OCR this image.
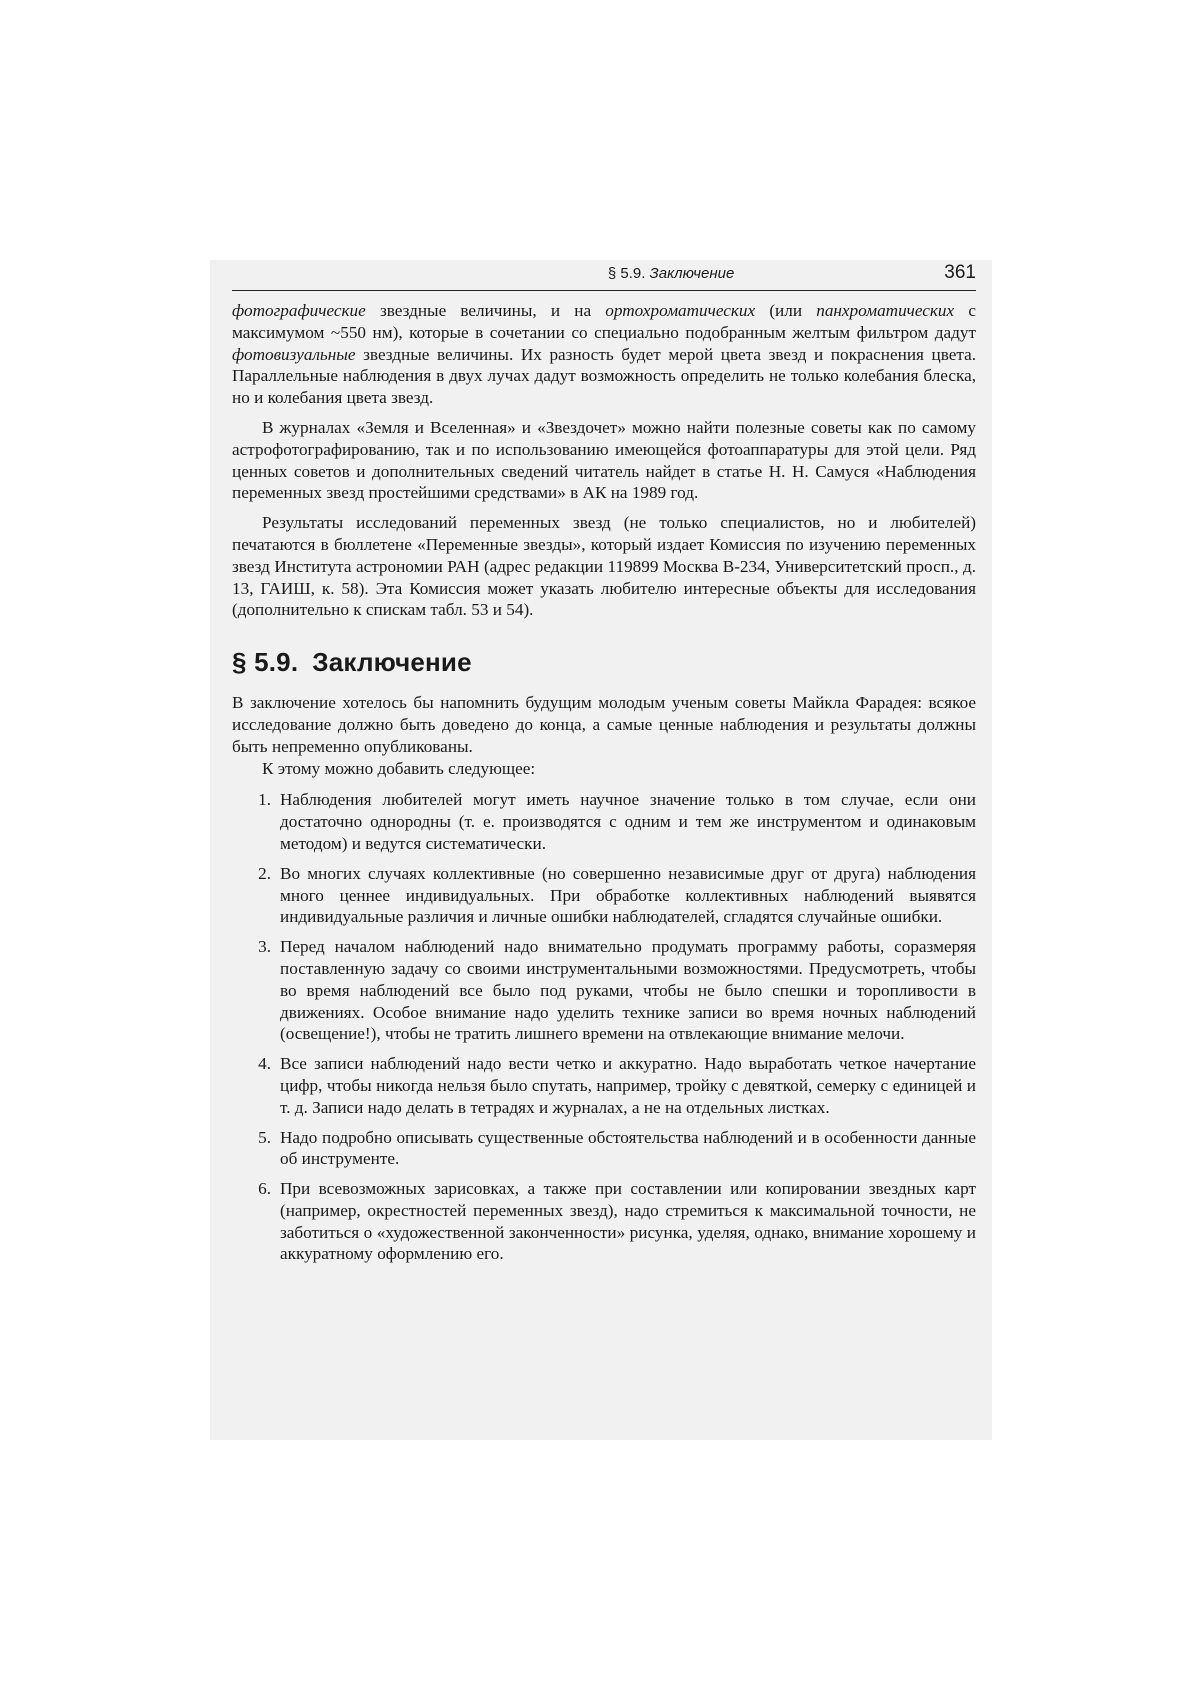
§ 5.9. Заключение	361

фотографические звездные величины, и на ортохроматических (или панхроматических с максимумом ~550 нм), которые в сочетании со специально подобранным желтым фильтром дадут фотовизуальные звездные величины. Их разность будет мерой цвета звезд и покраснения цвета. Параллельные наблюдения в двух лучах дадут возможность определить не только колебания блеска, но и колебания цвета звезд.

В журналах «Земля и Вселенная» и «Звездочет» можно найти полезные советы как по самому астрофотографированию, так и по использованию имеющейся фотоаппаратуры для этой цели. Ряд ценных советов и дополнительных сведений читатель найдет в статье Н. Н. Самуся «Наблюдения переменных звезд простейшими средствами» в АК на 1989 год.

Результаты исследований переменных звезд (не только специалистов, но и любителей) печатаются в бюллетене «Переменные звезды», который издает Комиссия по изучению переменных звезд Института астрономии РАН (адрес редакции 119899 Москва В-234, Университетский просп., д. 13, ГАИШ, к. 58). Эта Комиссия может указать любителю интересные объекты для исследования (дополнительно к спискам табл. 53 и 54).

§ 5.9. Заключение

В заключение хотелось бы напомнить будущим молодым ученым советы Майкла Фарадея: всякое исследование должно быть доведено до конца, а самые ценные наблюдения и результаты должны быть непременно опубликованы.

К этому можно добавить следующее:

1. Наблюдения любителей могут иметь научное значение только в том случае, если они достаточно однородны (т. е. производятся с одним и тем же инструментом и одинаковым методом) и ведутся систематически.

2. Во многих случаях коллективные (но совершенно независимые друг от друга) наблюдения много ценнее индивидуальных. При обработке коллективных наблюдений выявятся индивидуальные различия и личные ошибки наблюдателей, сгладятся случайные ошибки.

3. Перед началом наблюдений надо внимательно продумать программу работы, соразмеряя поставленную задачу со своими инструментальными возможностями. Предусмотреть, чтобы во время наблюдений все было под руками, чтобы не было спешки и торопливости в движениях. Особое внимание надо уделить технике записи во время ночных наблюдений (освещение!), чтобы не тратить лишнего времени на отвлекающие внимание мелочи.

4. Все записи наблюдений надо вести четко и аккуратно. Надо выработать четкое начертание цифр, чтобы никогда нельзя было спутать, например, тройку с девяткой, семерку с единицей и т. д. Записи надо делать в тетрадях и журналах, а не на отдельных листках.

5. Надо подробно описывать существенные обстоятельства наблюдений и в особенности данные об инструменте.

6. При всевозможных зарисовках, а также при составлении или копировании звездных карт (например, окрестностей переменных звезд), надо стремиться к максимальной точности, не заботиться о «художественной законченности» рисунка, уделяя, однако, внимание хорошему и аккуратному оформлению его.
